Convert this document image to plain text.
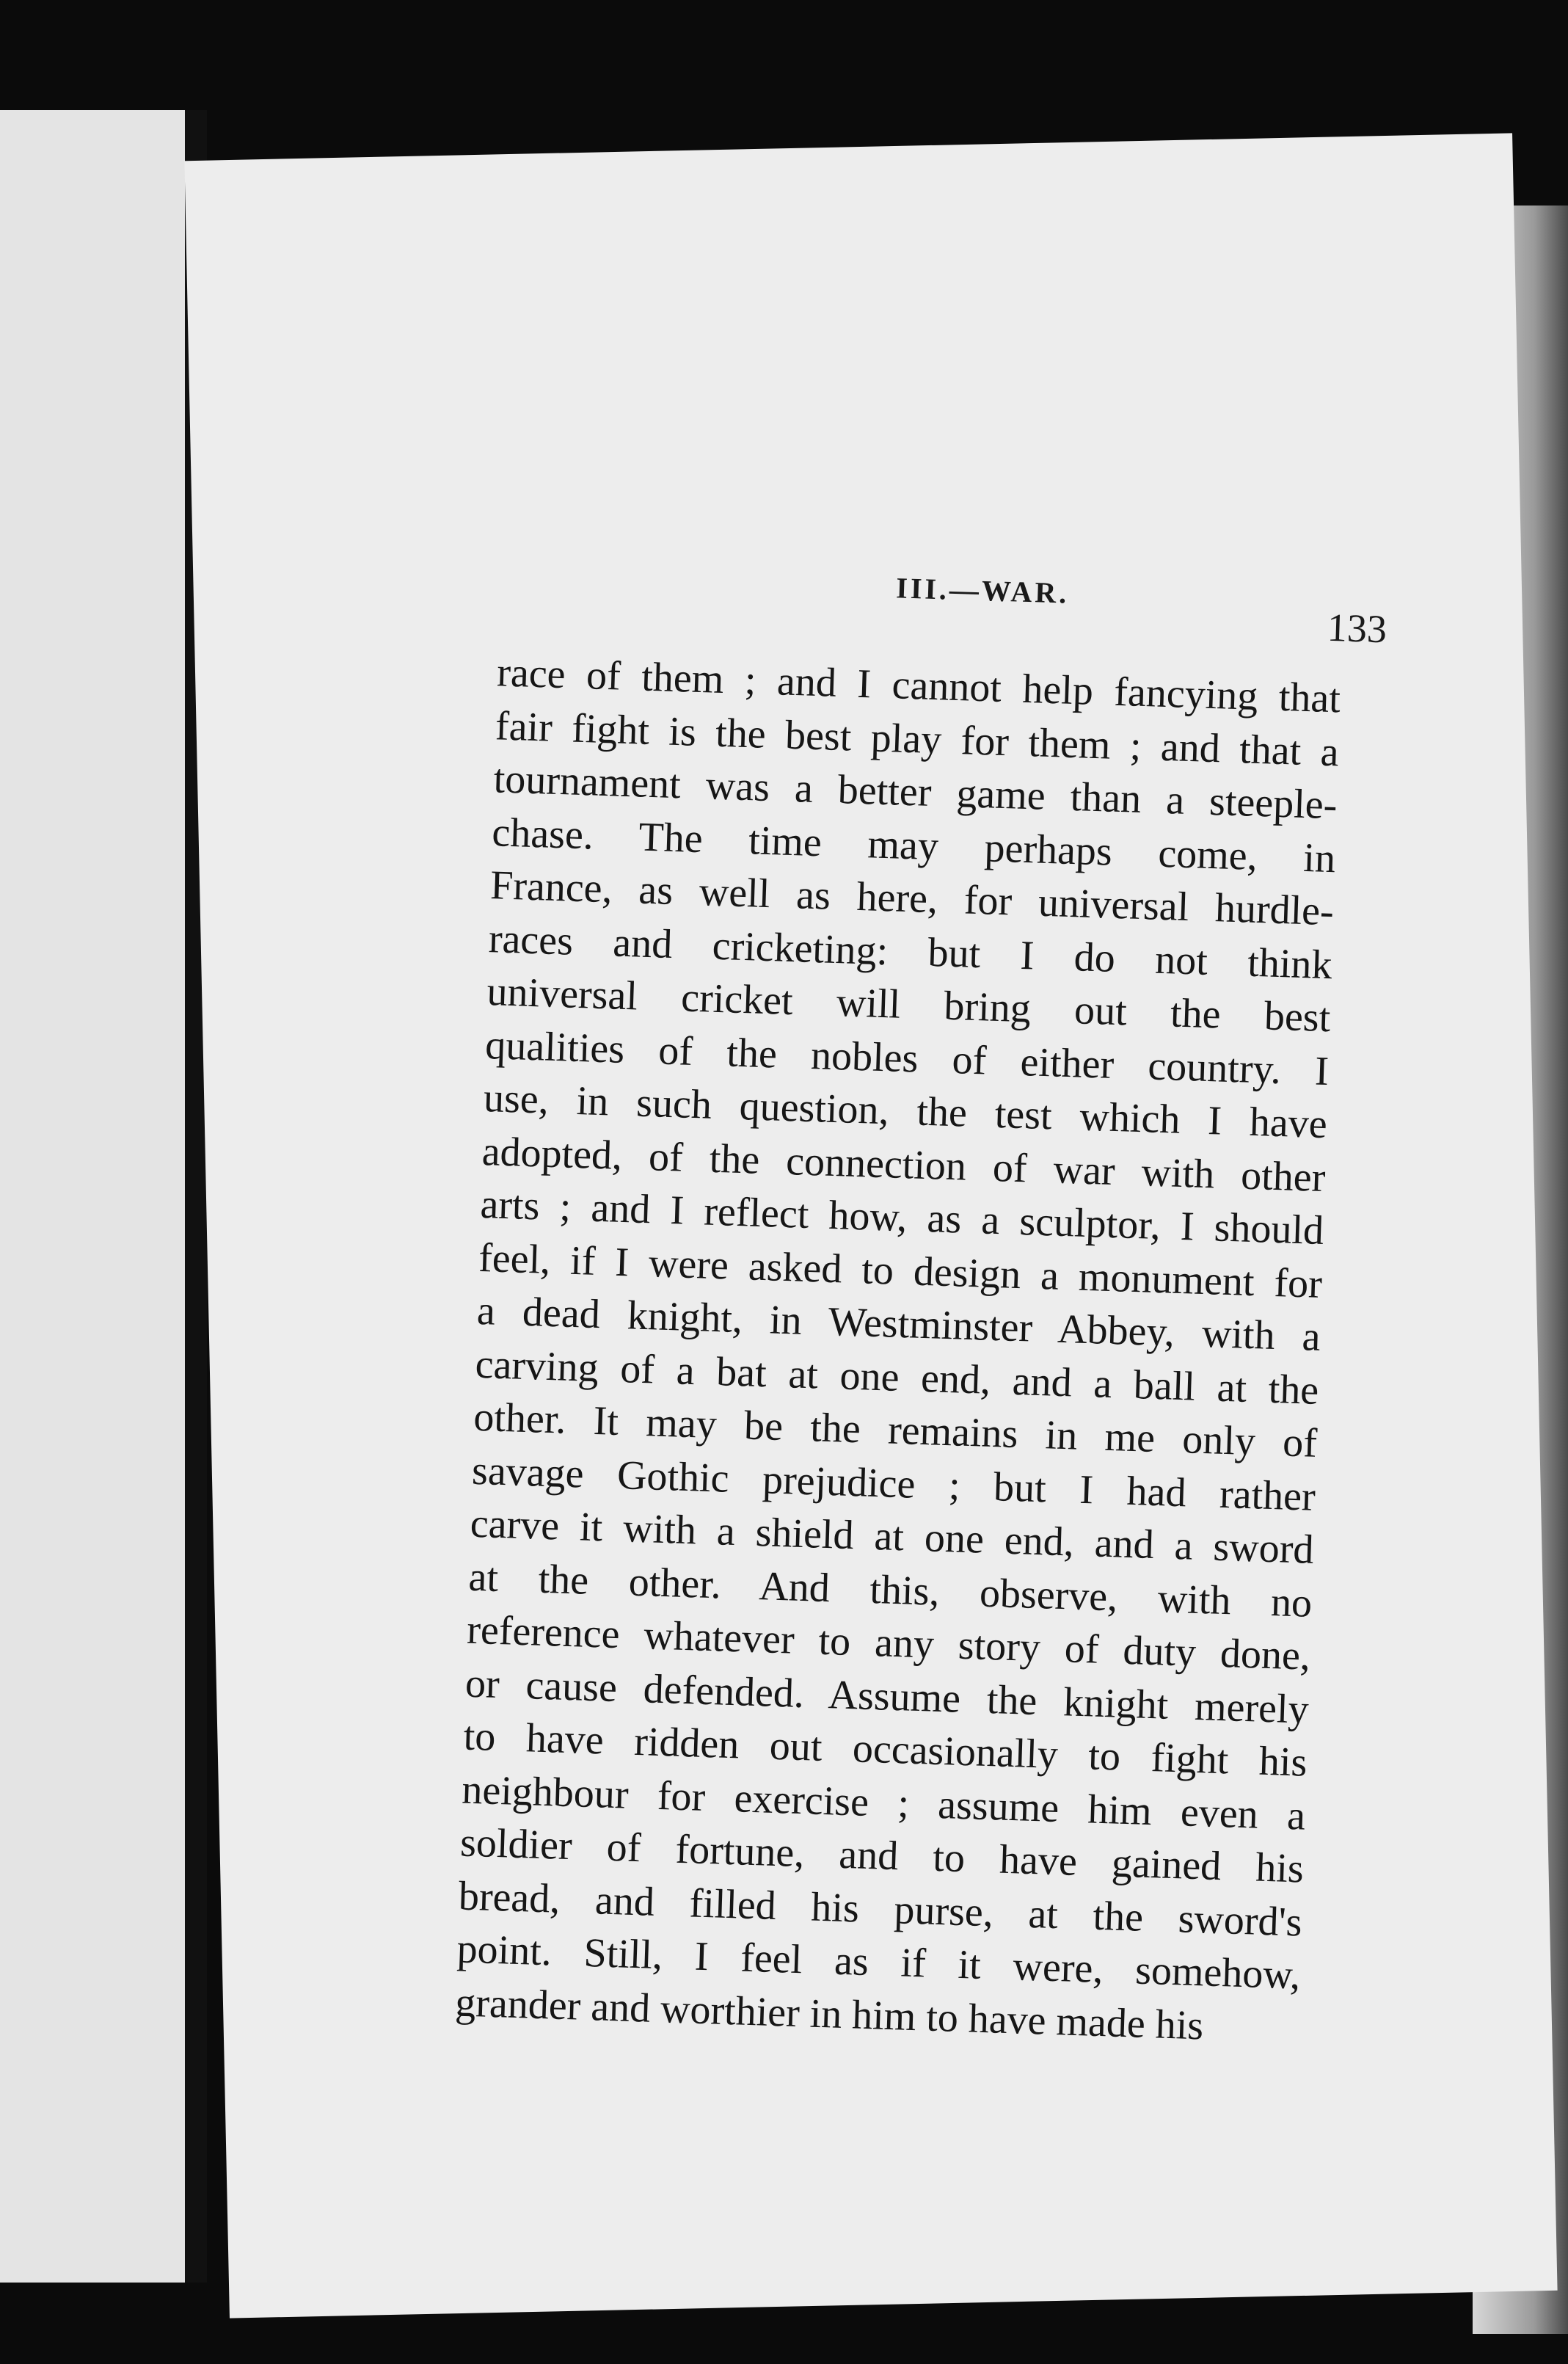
III.—WAR.
133
race of them ; and I cannot help fancying that
fair fight is the best play for them ; and that a
tournament was a better game than a steeple-
chase. The time may perhaps come, in
France, as well as here, for universal hurdle-
races and cricketing: but I do not think
universal cricket will bring out the best
qualities of the nobles of either country. I
use, in such question, the test which I have
adopted, of the connection of war with other
arts ; and I reflect how, as a sculptor, I should
feel, if I were asked to design a monument for
a dead knight, in Westminster Abbey, with a
carving of a bat at one end, and a ball at the
other. It may be the remains in me only of
savage Gothic prejudice ; but I had rather
carve it with a shield at one end, and a sword
at the other. And this, observe, with no
reference whatever to any story of duty done,
or cause defended. Assume the knight merely
to have ridden out occasionally to fight his
neighbour for exercise ; assume him even a
soldier of fortune, and to have gained his
bread, and filled his purse, at the sword's
point. Still, I feel as if it were, somehow,
grander and worthier in him to have made his
